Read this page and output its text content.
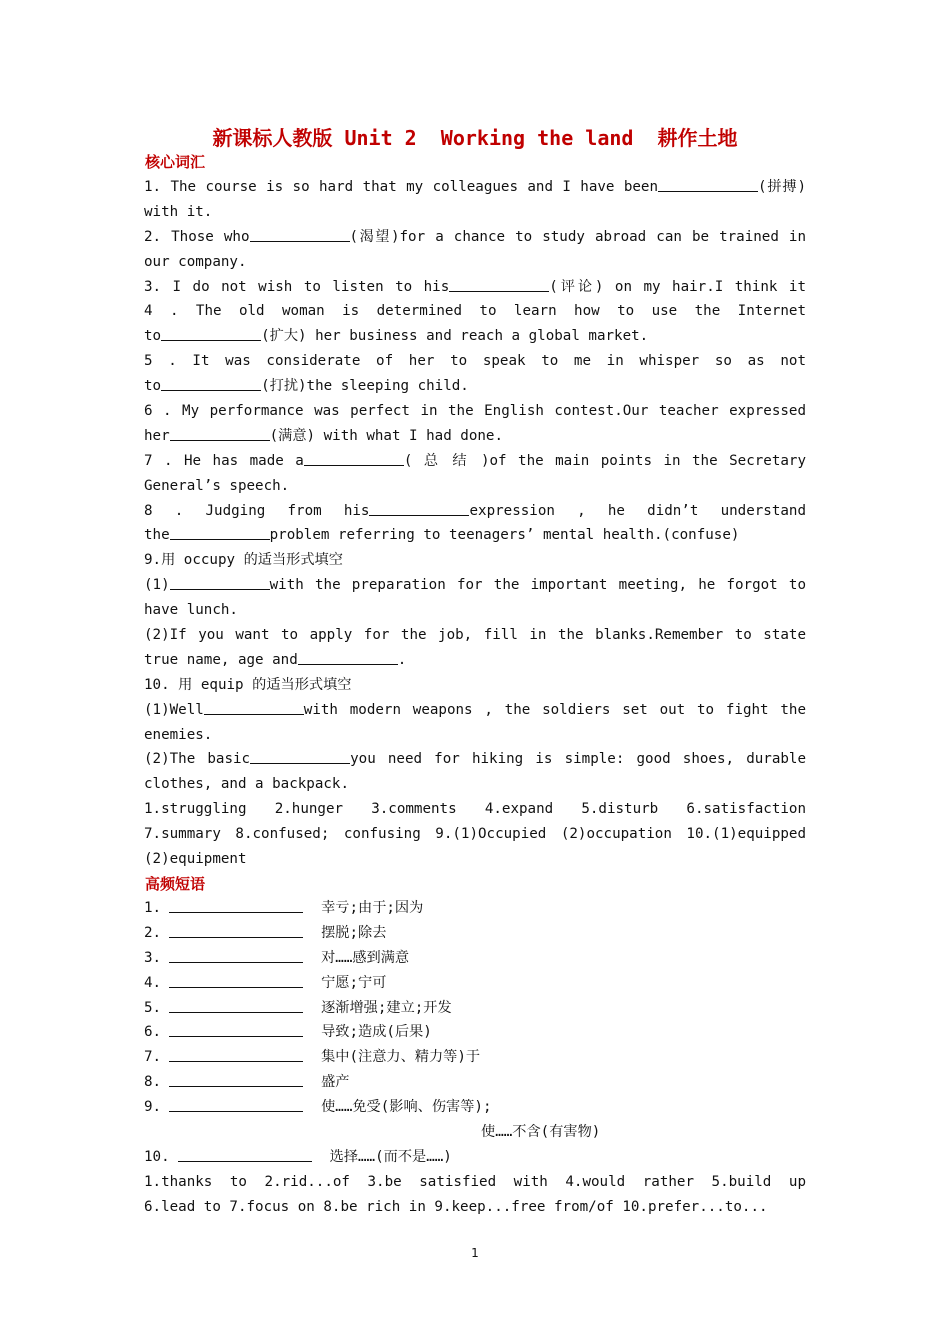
新课标人教版 Unit 2  Working the land  耕作土地
核心词汇
1. The course is so hard that my colleagues and I have been	(拼搏)
with it.
2. Those who	(渴望)for a chance to study abroad can be trained in
our company.
3. I do not wish to listen to his	(评论) on my hair.I think it
4 . The old woman is determined to learn how to use the Internet
to	(扩大) her business and reach a global market.
5 . It was considerate of her to speak to me in whisper so as not
to	(打扰)the sleeping child.
6 . My performance was perfect in the English contest.Our teacher expressed
her	(满意) with what I had done.
7 . He has made a	( 总 结 )of the main points in the Secretary
General’s speech.
8 . Judging from his	expression , he didn’t understand
the	problem referring to teenagers’ mental health.(confuse)
9.用 occupy 的适当形式填空
(1)	with the preparation for the important meeting, he forgot to
have lunch.
(2)If you want to apply for the job, fill in the blanks.Remember to state
true name, age and	.
10. 用 equip 的适当形式填空
(1)Well	with modern weapons , the soldiers set out to fight the
enemies.
(2)The basic	you need for hiking is simple: good shoes, durable
clothes, and a backpack.
1.struggling 2.hunger 3.comments 4.expand 5.disturb 6.satisfaction
7.summary 8.confused; confusing 9.(1)Occupied (2)occupation 10.(1)equipped
(2)equipment
高频短语
1.	幸亏;由于;因为
2.	摆脱;除去
3.	对……感到满意
4.	宁愿;宁可
5.	逐渐增强;建立;开发
6.	导致;造成(后果)
7.	集中(注意力、精力等)于
8.	盛产
9.	使……免受(影响、伤害等);
使……不含(有害物)
10.	选择……(而不是……)
1.thanks to 2.rid...of 3.be satisfied with 4.would rather 5.build up
6.lead to 7.focus on 8.be rich in 9.keep...free from/of 10.prefer...to...
1
